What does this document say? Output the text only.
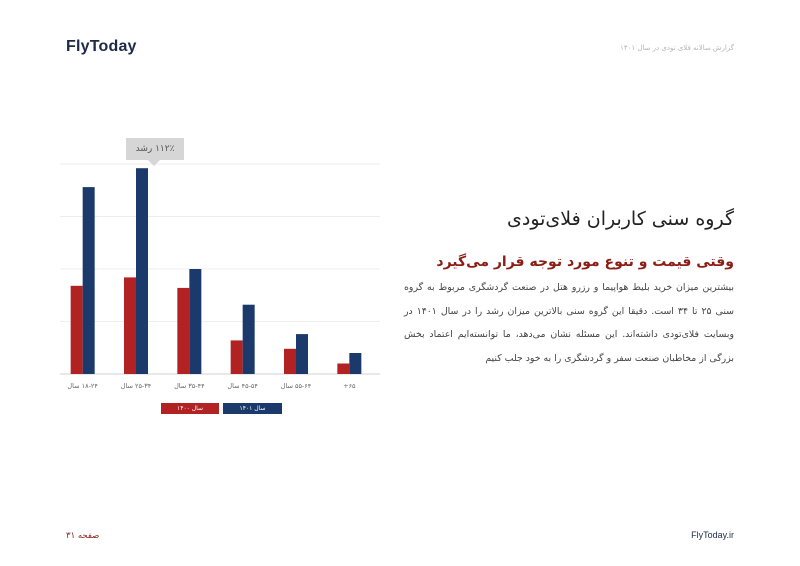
FlyToday	گزارش سالانه فلای تودی در سال ۱۴۰۱
۱۸-۲۴ سال	۲۵-۳۴ سال	۳۵-۴۴ سال	۴۵-۵۴ سال	۵۵-۶۴ سال	۶۵+
۱۱۲٪ رشد
سال ۱۴۰۰	سال ۱۴۰۱
گروه سنی کاربران فلای‌تودی
وقتی قیمت و تنوع مورد توجه قرار می‌گیرد
بیشترین میزان خرید بلیط هواپیما و رزرو هتل در صنعت گردشگری مربوط به گروه سنی ۲۵ تا ۳۴ است. دقیقا این گروه سنی بالاترین میزان رشد را در سال ۱۴۰۱ در وبسایت فلای‌تودی داشته‌اند. این مسئله نشان می‌دهد، ما توانسته‌ایم اعتماد بخش بزرگی از مخاطبان صنعت سفر و گردشگری را به خود جلب کنیم
صفحه ۳۱	FlyToday.ir
